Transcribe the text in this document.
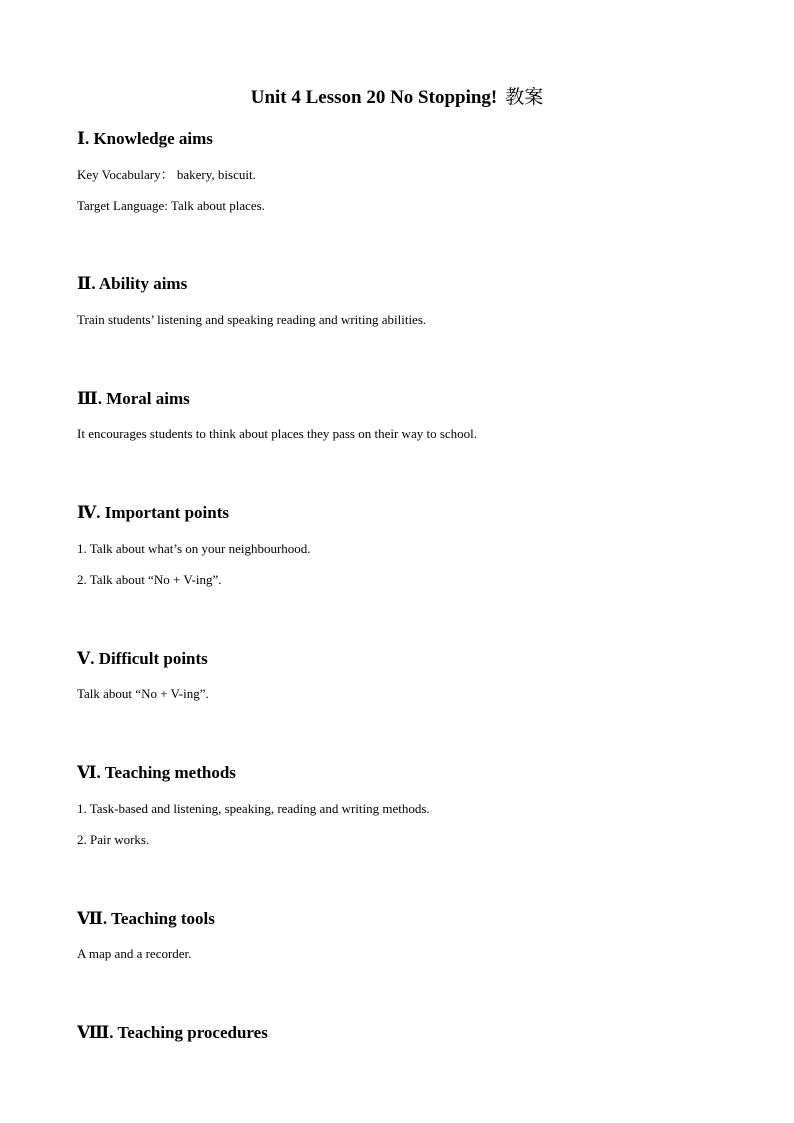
Unit 4 Lesson 20 No Stopping! 教案
Ⅰ. Knowledge aims
Key Vocabulary： bakery, biscuit.
Target Language: Talk about places.
Ⅱ. Ability aims
Train students’ listening and speaking reading and writing abilities.
Ⅲ. Moral aims
It encourages students to think about places they pass on their way to school.
Ⅳ. Important points
1. Talk about what’s on your neighbourhood.
2. Talk about “No + V-ing”.
Ⅴ. Difficult points
Talk about “No + V-ing”.
Ⅵ. Teaching methods
1. Task-based and listening, speaking, reading and writing methods.
2. Pair works.
Ⅶ. Teaching tools
A map and a recorder.
Ⅷ. Teaching procedures
